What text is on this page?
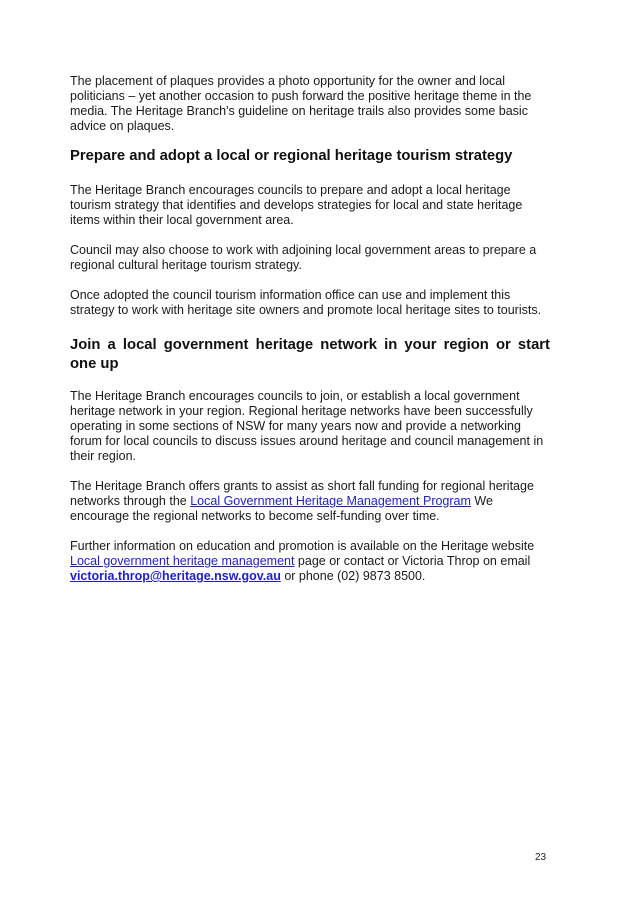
The placement of plaques provides a photo opportunity for the owner and local politicians – yet another occasion to push forward the positive heritage theme in the media. The Heritage Branch's guideline on heritage trails also provides some basic advice on plaques.

Prepare and adopt a local or regional heritage tourism strategy

The Heritage Branch encourages councils to prepare and adopt a local heritage tourism strategy that identifies and develops strategies for local and state heritage items within their local government area.

Council may also choose to work with adjoining local government areas to prepare a regional cultural heritage tourism strategy.

Once adopted the council tourism information office can use and implement this strategy to work with heritage site owners and promote local heritage sites to tourists.

Join a local government heritage network in your region or start one up

The Heritage Branch encourages councils to join, or establish a local government heritage network in your region. Regional heritage networks have been successfully operating in some sections of NSW for many years now and provide a networking forum for local councils to discuss issues around heritage and council management in their region.

The Heritage Branch offers grants to assist as short fall funding for regional heritage networks through the Local Government Heritage Management Program We encourage the regional networks to become self-funding over time.

Further information on education and promotion is available on the Heritage website Local government heritage management page or contact or Victoria Throp on email victoria.throp@heritage.nsw.gov.au or phone (02) 9873 8500.

23
